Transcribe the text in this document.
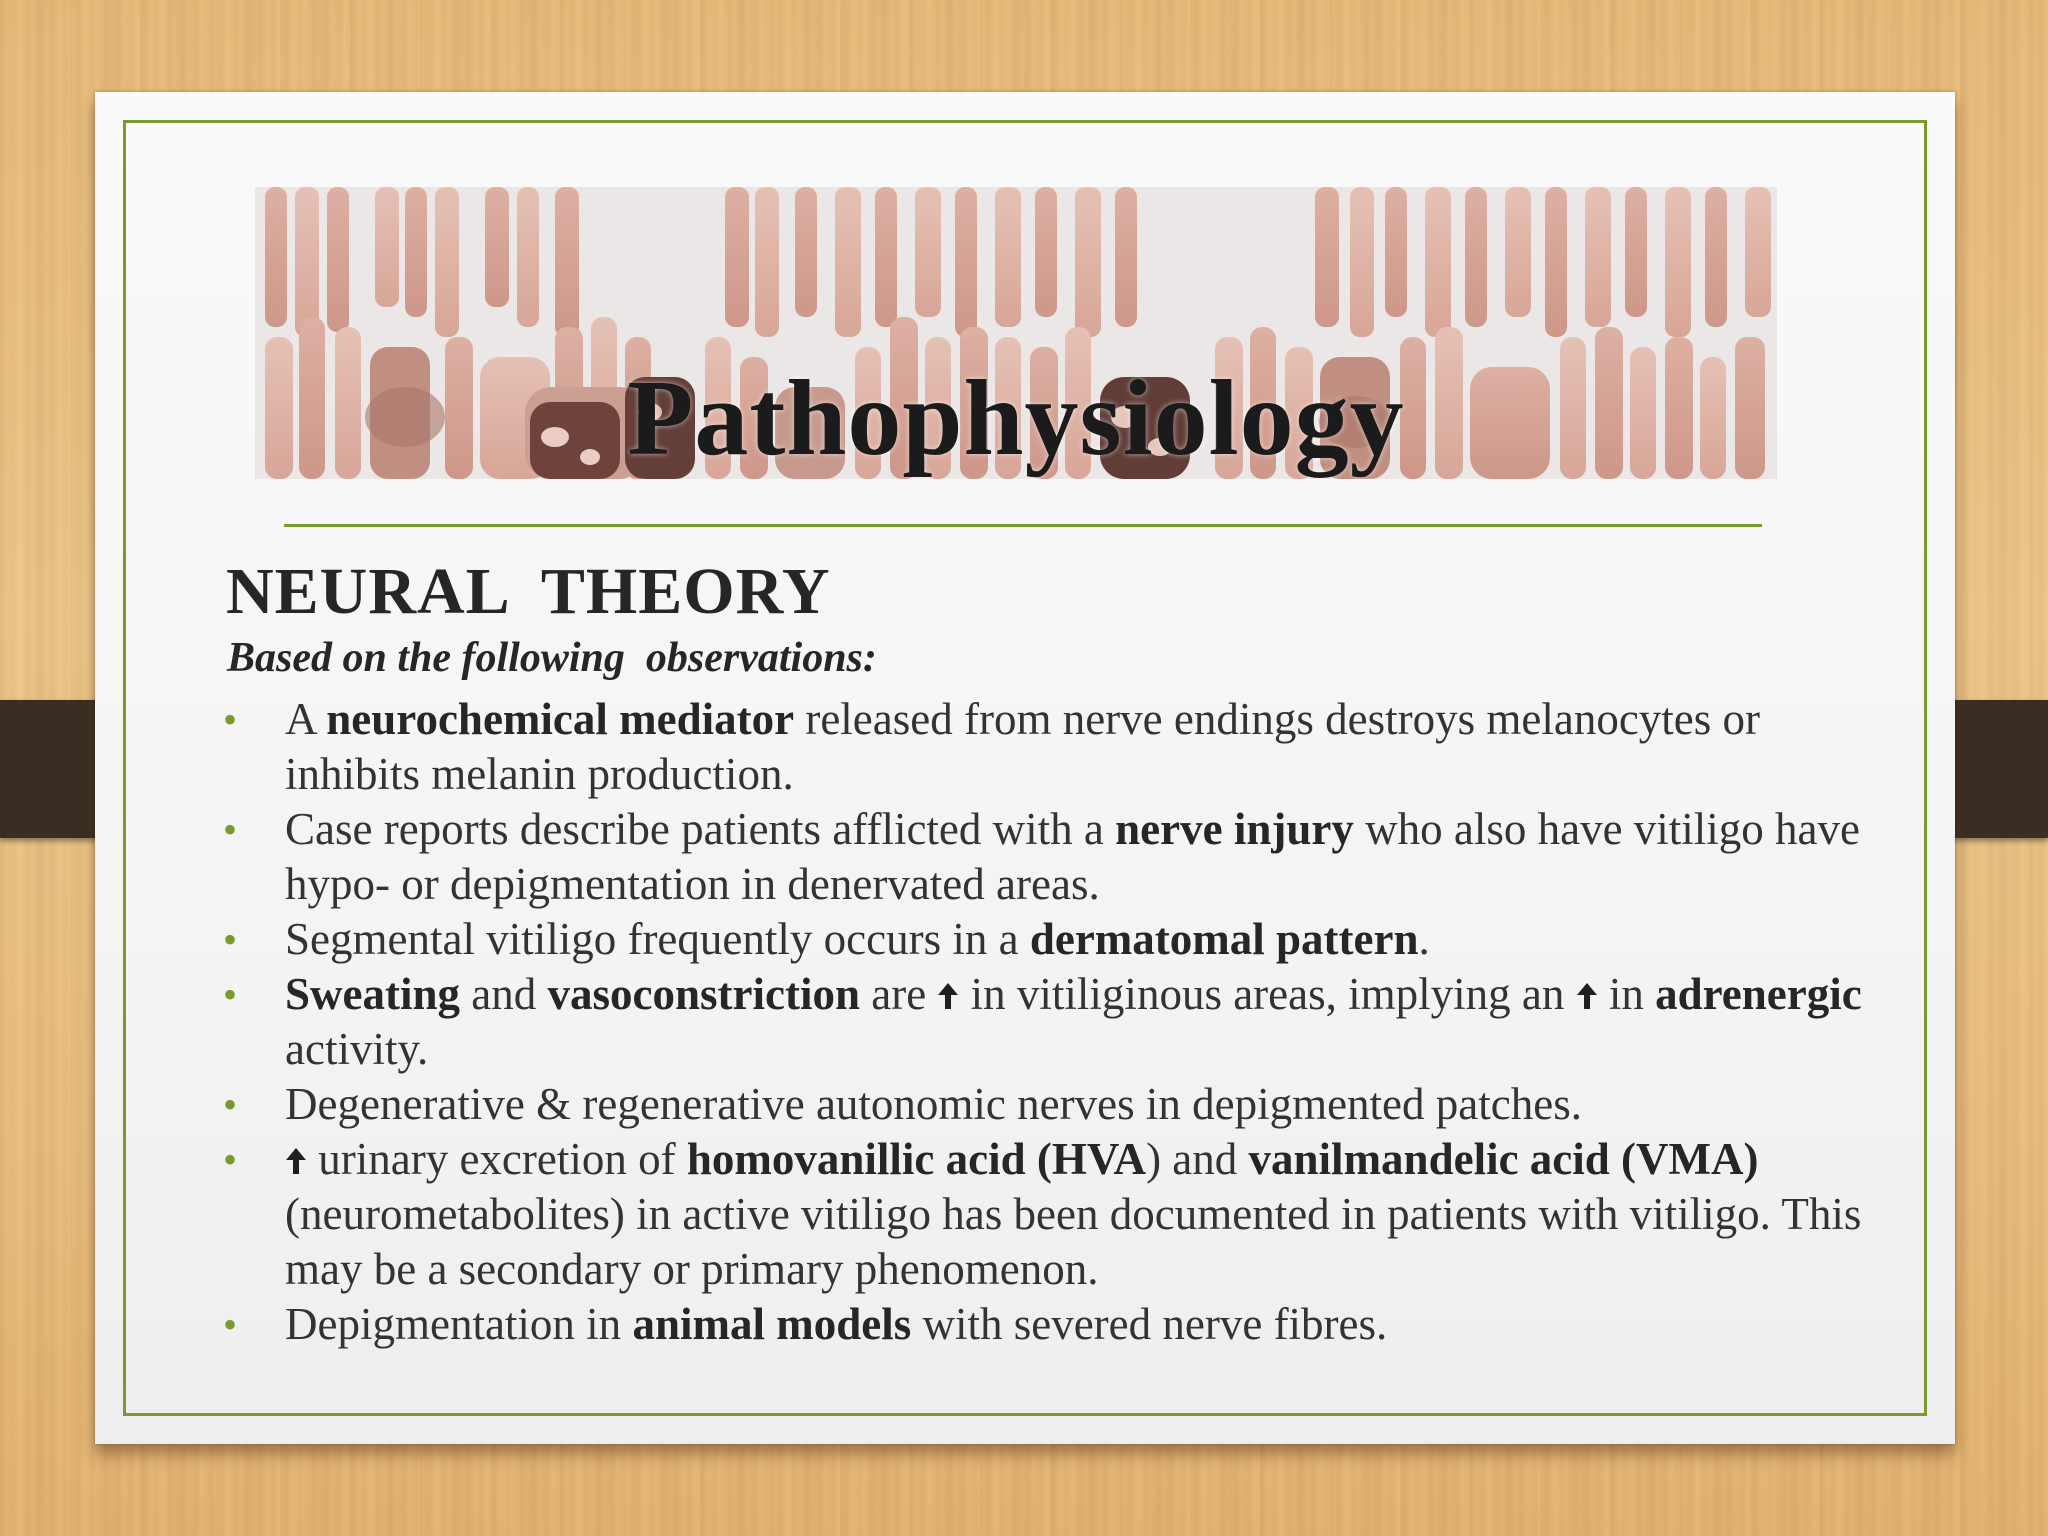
Pathophysiology
NEURAL  THEORY

Based on the following  observations:

• A neurochemical mediator released from nerve endings destroys melanocytes or inhibits melanin production.
• Case reports describe patients afflicted with a nerve injury who also have vitiligo have hypo- or depigmentation in denervated areas.
• Segmental vitiligo frequently occurs in a dermatomal pattern.
• Sweating and vasoconstriction are  in vitiliginous areas, implying an  in adrenergic activity.
• Degenerative & regenerative autonomic nerves in depigmented patches.
• urinary excretion of homovanillic acid (HVA) and vanilmandelic acid (VMA) (neurometabolites) in active vitiligo has been documented in patients with vitiligo. This may be a secondary or primary phenomenon.
• Depigmentation in animal models with severed nerve fibres.
